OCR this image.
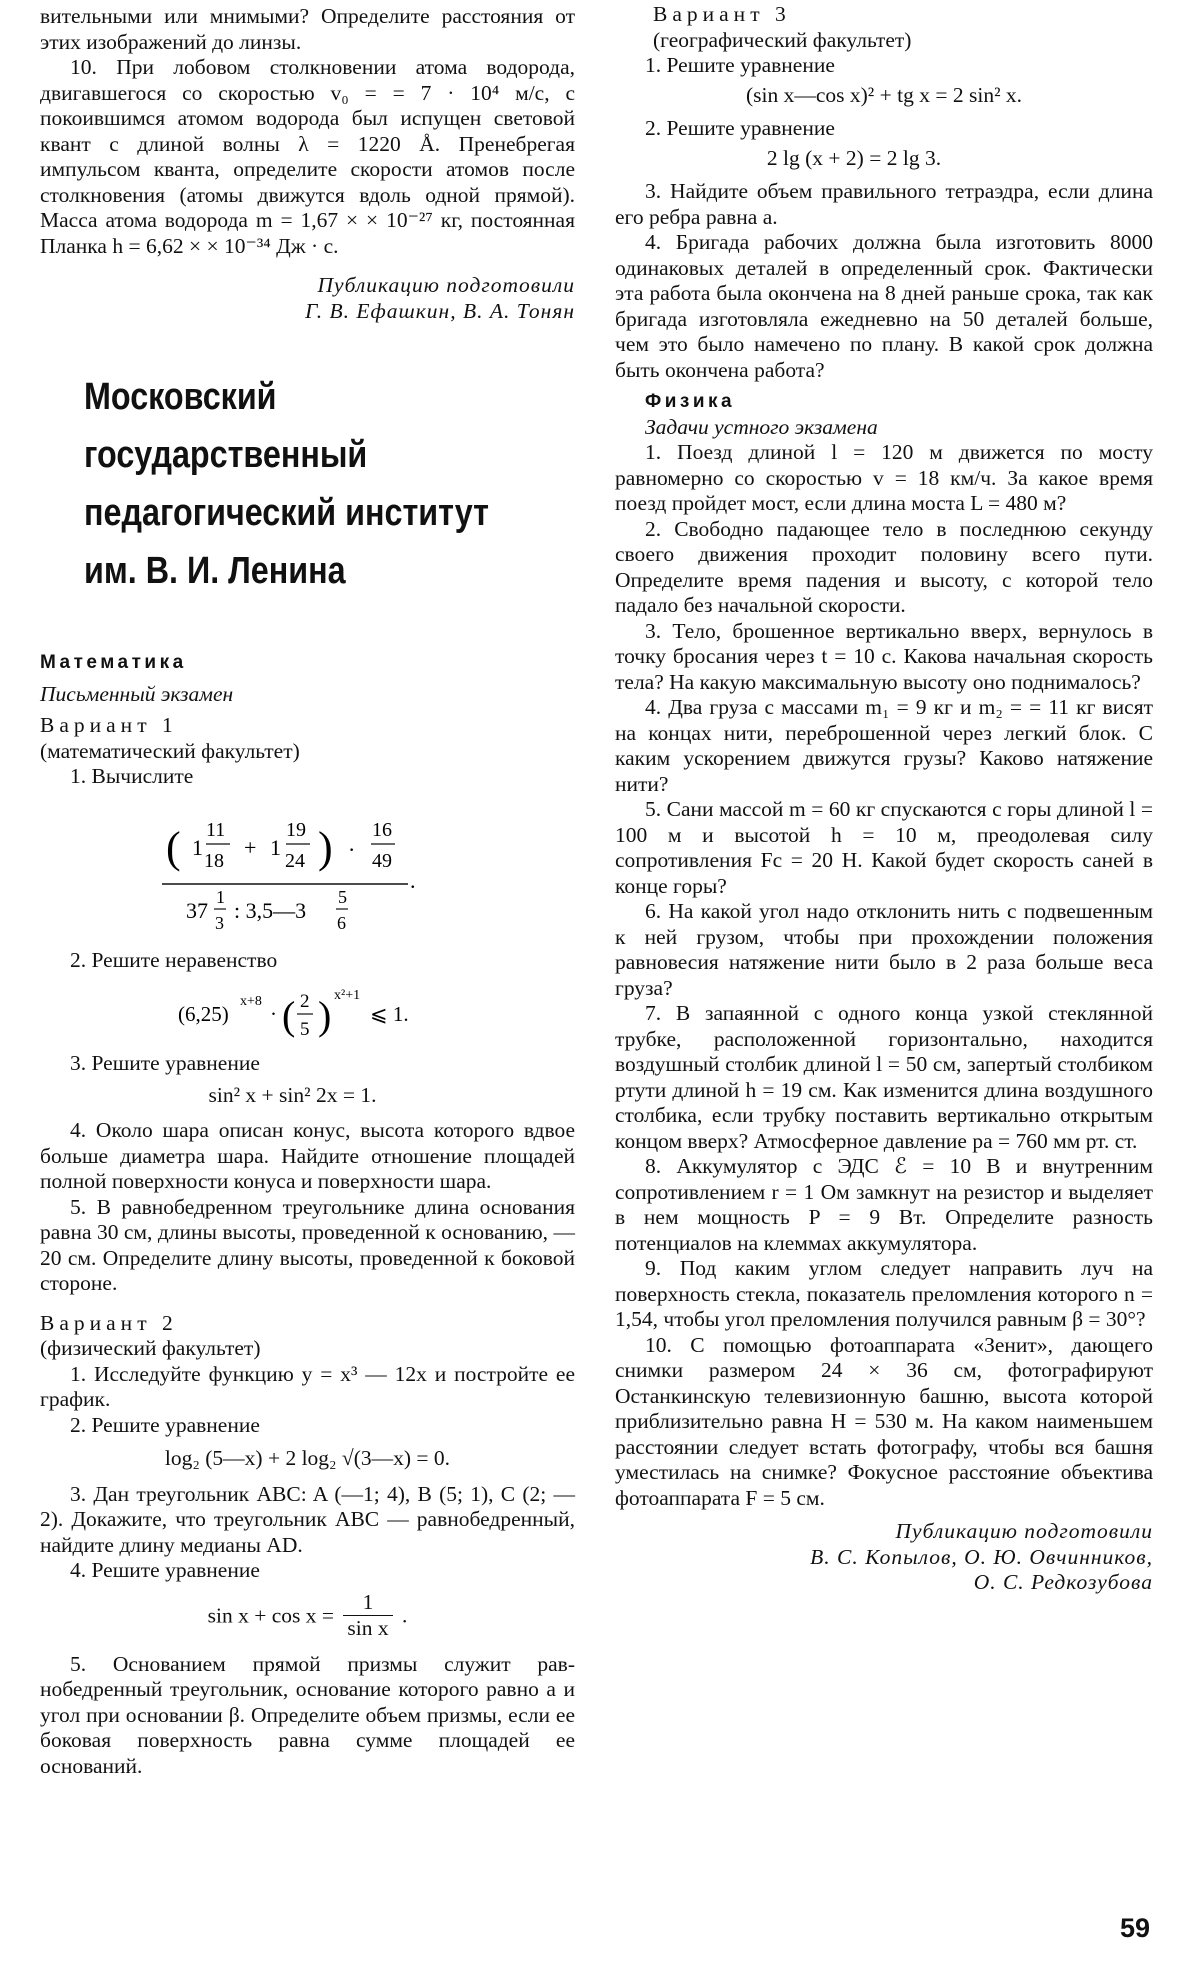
вительными или мнимыми? Определите расстояния от этих изображений до линзы.

10. При лобовом столкновении атома водорода, двигавшегося со скоростью v₀ = = 7 · 10⁴ м/с, с покоившимся атомом водорода был испущен световой квант с длиной волны λ = 1220 Å. Пренебрегая импульсом кванта, определите скорости атомов после столкновения (атомы движутся вдоль одной прямой). Масса атома водорода m = 1,67 × × 10⁻²⁷ кг, постоянная Планка h = 6,62 × × 10⁻³⁴ Дж · с.

Публикацию подготовили

Г. В. Ефашкин, В. А. Тонян

Московский
государственный
педагогический институт
им. В. И. Ленина

Математика

Письменный экзамен

Вариант 1

(математический факультет)

1. Вычислите

( 1
11
18
+ 1
19
24 ) ·
16
49
.
37
1
3 : 3,5—3
5
6

2. Решите неравенство

(6,25)
x+8
· ( 2
5 ) x²+1
⩽ 1.

3. Решите уравнение

sin² x + sin² 2x = 1.

4. Около шара описан конус, высота которого вдвое больше диаметра шара. Найдите отношение площадей полной поверхности конуса и поверхности шара.

5. В равнобедренном треугольнике длина основания равна 30 см, длины высоты, проведенной к основанию, — 20 см. Определите длину высоты, проведенной к боковой стороне.

Вариант 2

(физический факультет)

1. Исследуйте функцию y = x³ — 12x и постройте ее график.

2. Решите уравнение

log₂ (5—x) + 2 log₂ √(3—x) = 0.

3. Дан треугольник ABC: A (—1; 4), B (5; 1), C (2; —2). Докажите, что треугольник ABC — равнобедренный, найдите длину медианы AD.

4. Решите уравнение

$\sin x + \cos x = \frac{1}{\text{sin x}}$ .

5. Основанием прямой призмы служит равнобедренный треугольник, основание которого равно a и угол при основании β. Определите объем призмы, если ее боковая поверхность равна сумме площадей ее оснований.

Вариант 3

(географический факультет)

1. Решите уравнение

(sin x—cos x)² + tg x = 2 sin² x.

2. Решите уравнение

2 lg (x + 2) = 2 lg 3.

3. Найдите объем правильного тетраэдра, если длина его ребра равна a.

4. Бригада рабочих должна была изготовить 8000 одинаковых деталей в определенный срок. Фактически эта работа была окончена на 8 дней раньше срока, так как бригада изготовляла ежедневно на 50 деталей больше, чем это было намечено по плану. В какой срок должна быть окончена работа?

Физика

Задачи устного экзамена

1. Поезд длиной l = 120 м движется по мосту равномерно со скоростью v = 18 км/ч. За какое время поезд пройдет мост, если длина моста L = 480 м?

2. Свободно падающее тело в последнюю секунду своего движения проходит половину всего пути. Определите время падения и высоту, с которой тело падало без начальной скорости.

3. Тело, брошенное вертикально вверх, вернулось в точку бросания через t = 10 с. Какова начальная скорость тела? На какую максимальную высоту оно поднималось?

4. Два груза с массами m₁ = 9 кг и m₂ = = 11 кг висят на концах нити, переброшенной через легкий блок. С каким ускорением движутся грузы? Каково натяжение нити?

5. Сани массой m = 60 кг спускаются с горы длиной l = 100 м и высотой h = 10 м, преодолевая силу сопротивления Fс = 20 Н. Какой будет скорость саней в конце горы?

6. На какой угол надо отклонить нить с подвешенным к ней грузом, чтобы при прохождении положения равновесия натяжение нити было в 2 раза больше веса груза?

7. В запаянной с одного конца узкой стеклянной трубке, расположенной горизонтально, находится воздушный столбик длиной l = 50 см, запертый столбиком ртути длиной h = 19 см. Как изменится длина воздушного столбика, если трубку поставить вертикально открытым концом вверх? Атмосферное давление pа = 760 мм рт. ст.

8. Аккумулятор с ЭДС ℰ = 10 В и внутренним сопротивлением r = 1 Ом замкнут на резистор и выделяет в нем мощность P = 9 Вт. Определите разность потенциалов на клеммах аккумулятора.

9. Под каким углом следует направить луч на поверхность стекла, показатель преломления которого n = 1,54, чтобы угол преломления получился равным β = 30°?

10. С помощью фотоаппарата «Зенит», дающего снимки размером 24 × 36 см, фотографируют Останкинскую телевизионную башню, высота которой приблизительно равна H = 530 м. На каком наименьшем расстоянии следует встать фотографу, чтобы вся башня уместилась на снимке? Фокусное расстояние объектива фотоаппарата F = 5 см.

Публикацию подготовили

В. С. Копылов, О. Ю. Овчинников,

О. С. Редкозубова

59
